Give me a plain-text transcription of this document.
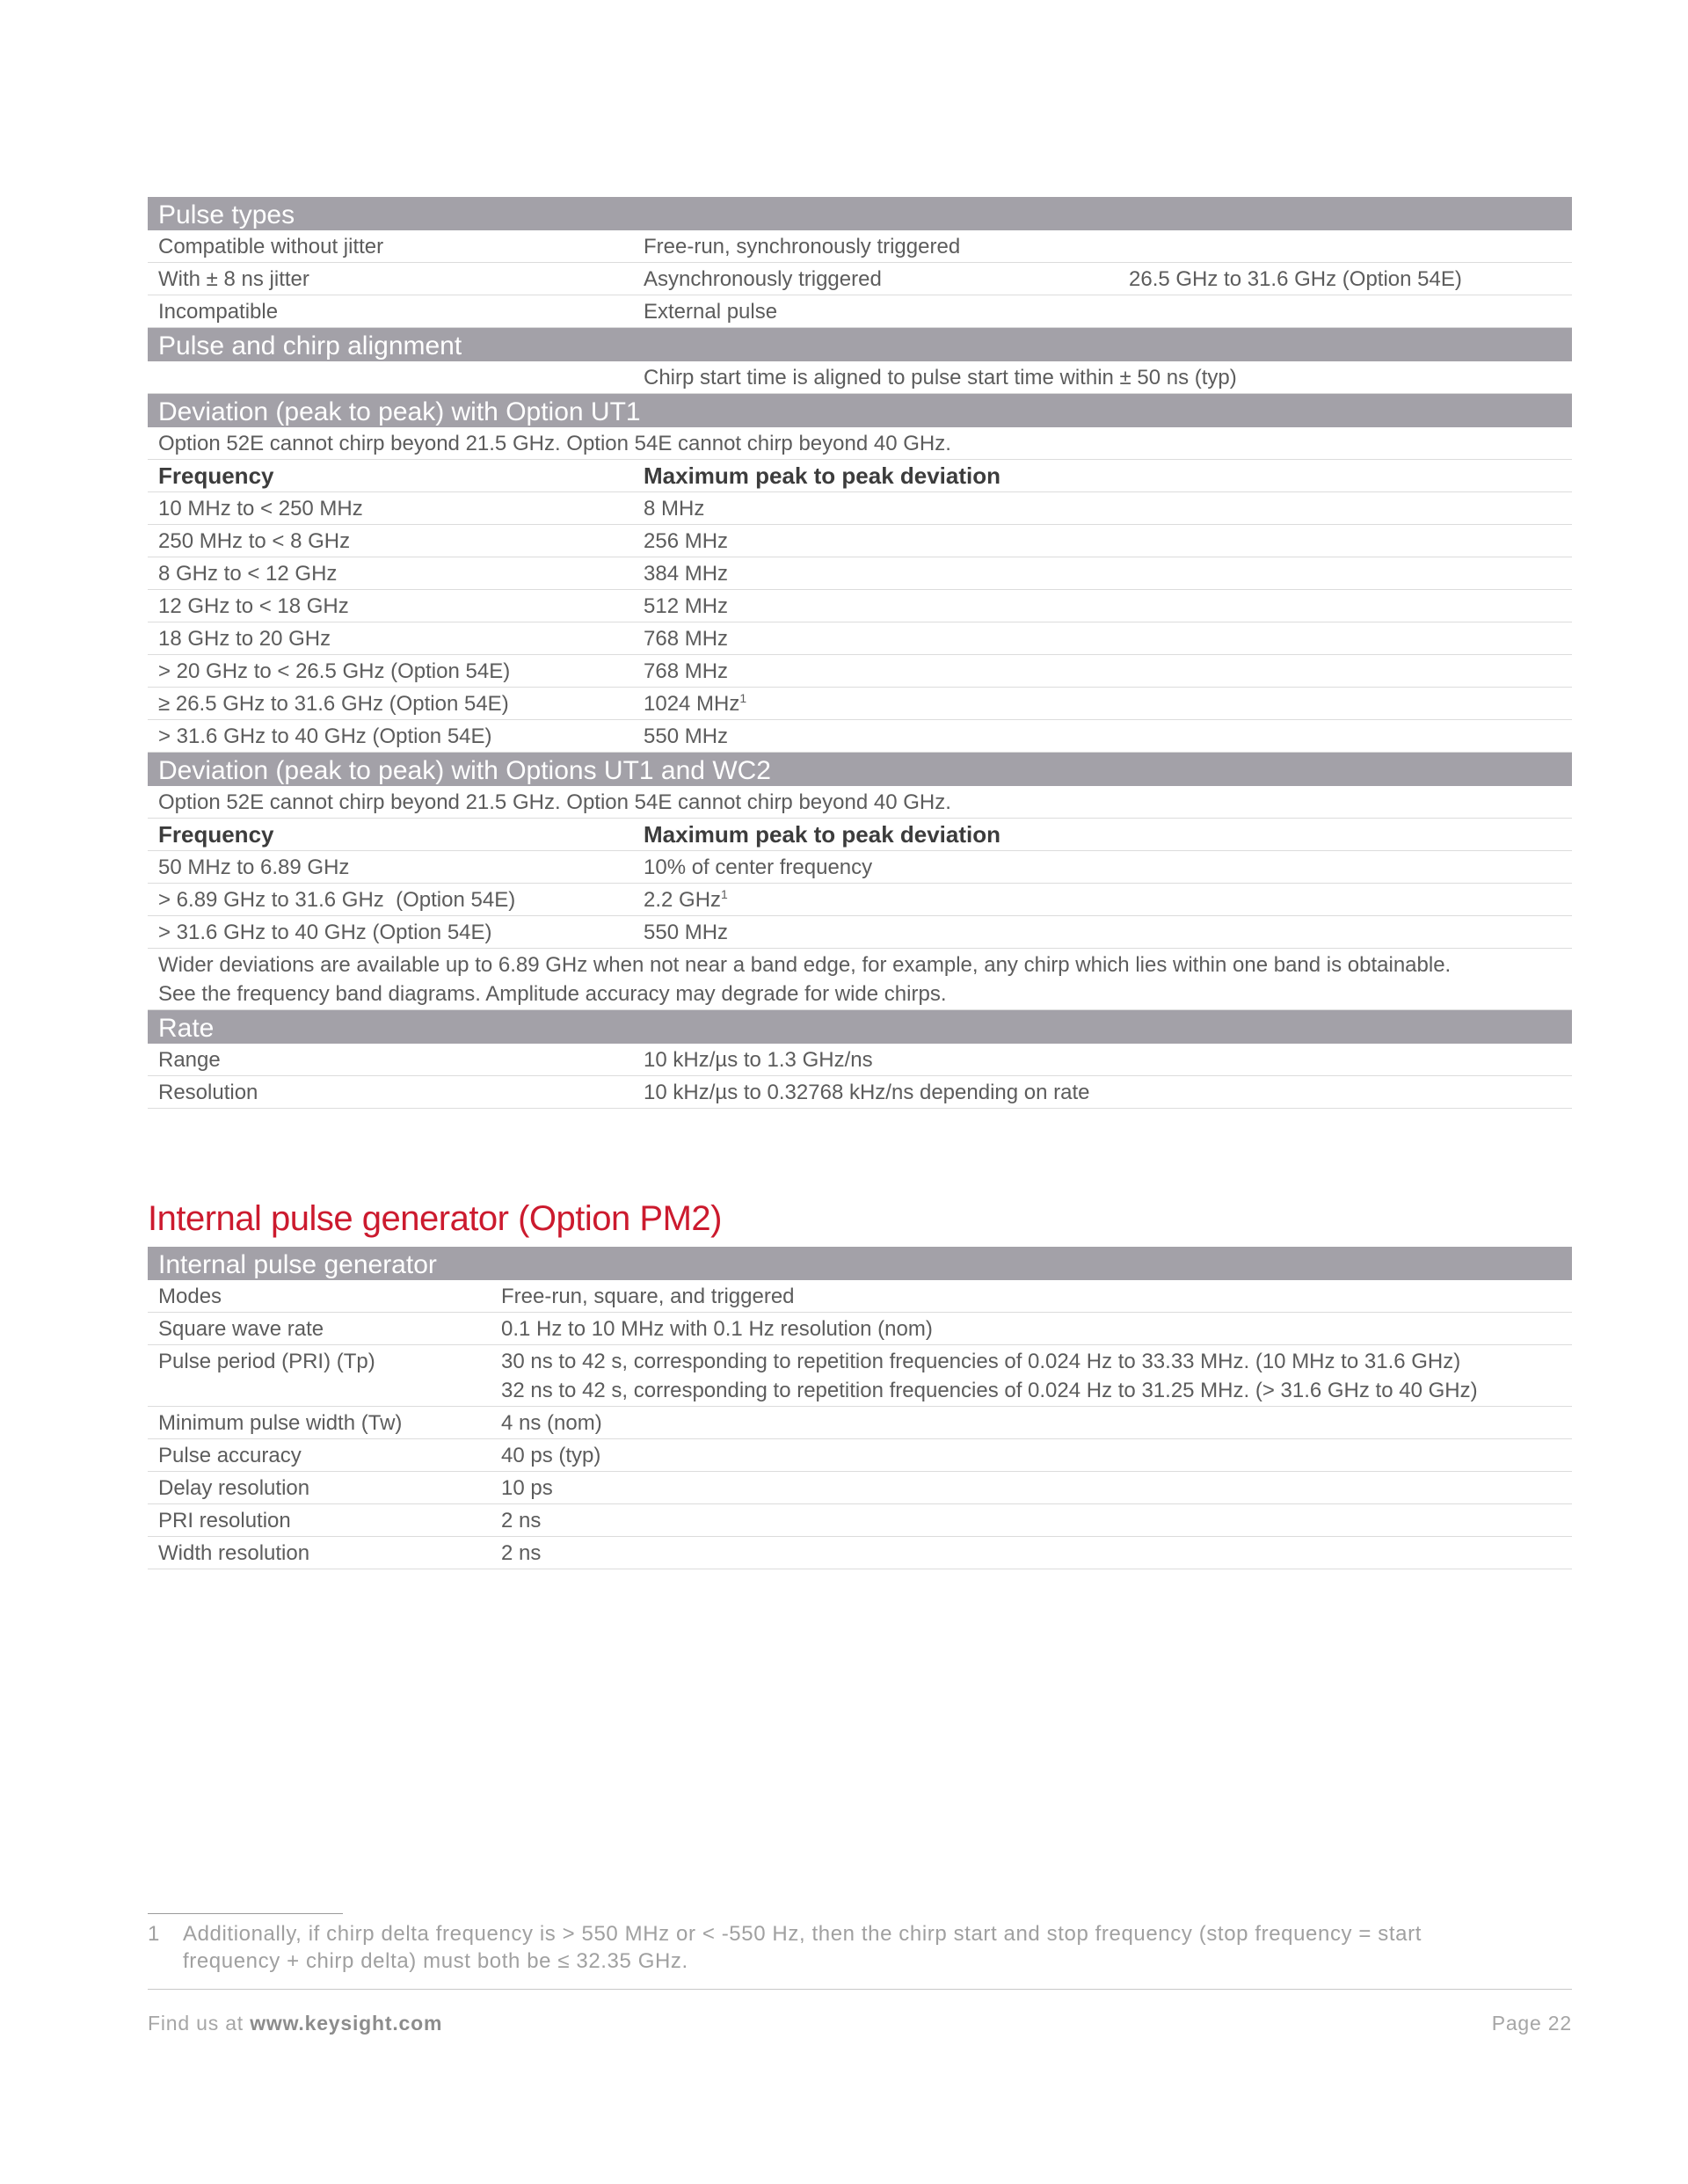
Pulse types
Compatible without jitter	Free-run, synchronously triggered
With ± 8 ns jitter	Asynchronously triggered	26.5 GHz to 31.6 GHz (Option 54E)
Incompatible	External pulse
Pulse and chirp alignment
Chirp start time is aligned to pulse start time within ± 50 ns (typ)
Deviation (peak to peak) with Option UT1
Option 52E cannot chirp beyond 21.5 GHz. Option 54E cannot chirp beyond 40 GHz.
Frequency	Maximum peak to peak deviation
10 MHz to < 250 MHz	8 MHz
250 MHz to < 8 GHz	256 MHz
8 GHz to < 12 GHz	384 MHz
12 GHz to < 18 GHz	512 MHz
18 GHz to 20 GHz	768 MHz
> 20 GHz to < 26.5 GHz (Option 54E)	768 MHz
≥ 26.5 GHz to 31.6 GHz (Option 54E)	1024 MHz$^1$
> 31.6 GHz to 40 GHz (Option 54E)	550 MHz
Deviation (peak to peak) with Options UT1 and WC2
Option 52E cannot chirp beyond 21.5 GHz. Option 54E cannot chirp beyond 40 GHz.
Frequency	Maximum peak to peak deviation
50 MHz to 6.89 GHz	10% of center frequency
> 6.89 GHz to 31.6 GHz  (Option 54E)	2.2 GHz$^1$
> 31.6 GHz to 40 GHz (Option 54E)	550 MHz
Wider deviations are available up to 6.89 GHz when not near a band edge, for example, any chirp which lies within one band is obtainable.
See the frequency band diagrams. Amplitude accuracy may degrade for wide chirps.
Rate
Range	10 kHz/µs to 1.3 GHz/ns
Resolution	10 kHz/µs to 0.32768 kHz/ns depending on rate
Internal pulse generator (Option PM2)
Internal pulse generator
Modes	Free-run, square, and triggered
Square wave rate	0.1 Hz to 10 MHz with 0.1 Hz resolution (nom)
Pulse period (PRI) (Tp)	30 ns to 42 s, corresponding to repetition frequencies of 0.024 Hz to 33.33 MHz. (10 MHz to 31.6 GHz)
32 ns to 42 s, corresponding to repetition frequencies of 0.024 Hz to 31.25 MHz. (> 31.6 GHz to 40 GHz)
Minimum pulse width (Tw)	4 ns (nom)
Pulse accuracy	40 ps (typ)
Delay resolution	10 ps
PRI resolution	2 ns
Width resolution	2 ns
1	Additionally, if chirp delta frequency is > 550 MHz or < -550 Hz, then the chirp start and stop frequency (stop frequency = start
frequency + chirp delta) must both be ≤ 32.35 GHz.
Find us at www.keysight.com	Page 22
